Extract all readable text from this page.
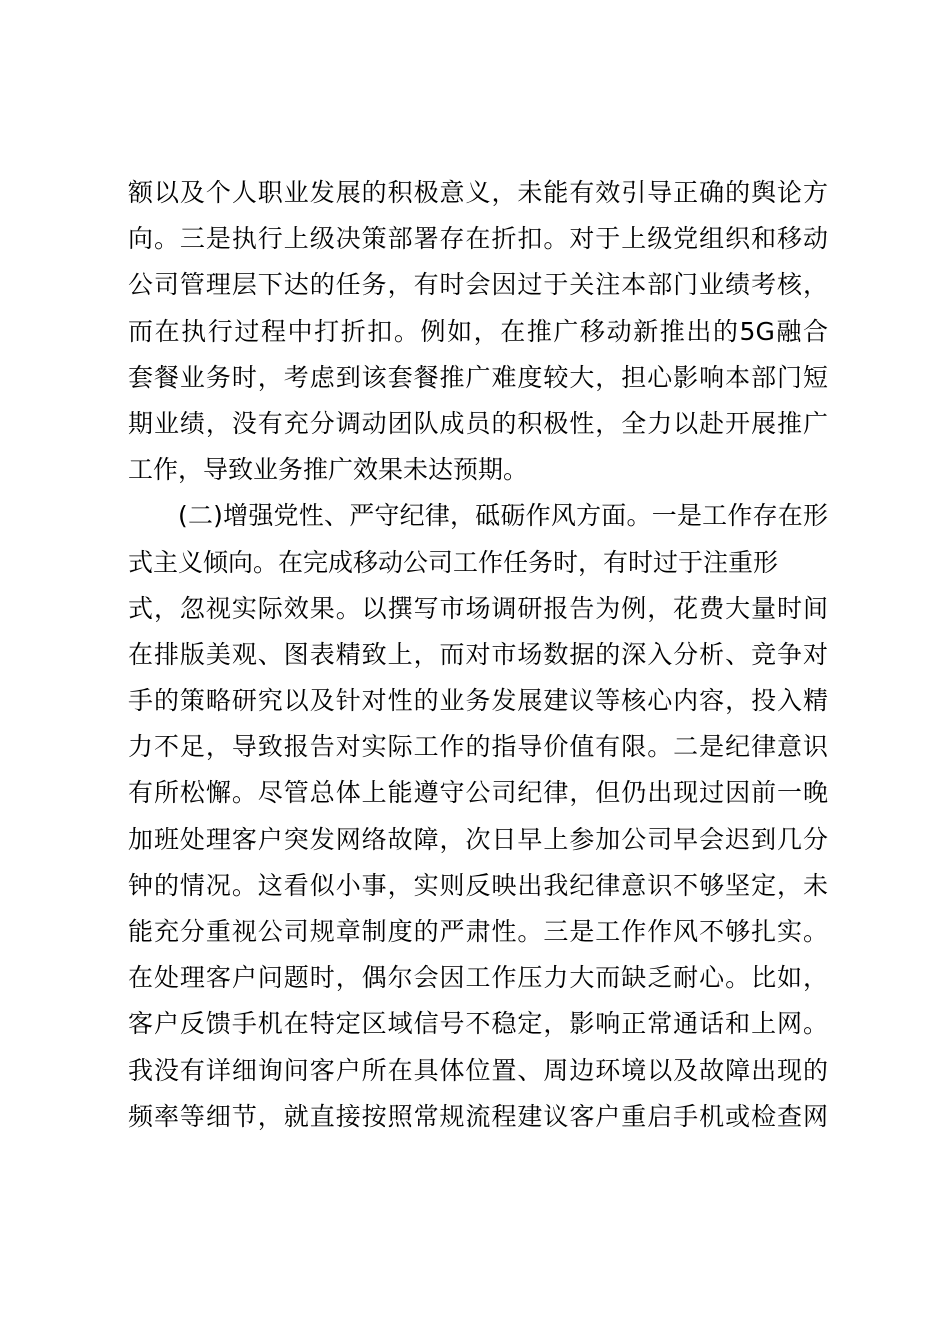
额以及个人职业发展的积极意义，未能有效引导正确的舆论方
向。三是执行上级决策部署存在折扣。对于上级党组织和移动
公司管理层下达的任务，有时会因过于关注本部门业绩考核，
而在执行过程中打折扣。例如，在推广移动新推出的5G融合
套餐业务时，考虑到该套餐推广难度较大，担心影响本部门短
期业绩，没有充分调动团队成员的积极性，全力以赴开展推广
工作，导致业务推广效果未达预期。
(二)增强党性、严守纪律，砥砺作风方面。一是工作存在形
式主义倾向。在完成移动公司工作任务时，有时过于注重形
式，忽视实际效果。以撰写市场调研报告为例，花费大量时间
在排版美观、图表精致上，而对市场数据的深入分析、竞争对
手的策略研究以及针对性的业务发展建议等核心内容，投入精
力不足，导致报告对实际工作的指导价值有限。二是纪律意识
有所松懈。尽管总体上能遵守公司纪律，但仍出现过因前一晚
加班处理客户突发网络故障，次日早上参加公司早会迟到几分
钟的情况。这看似小事，实则反映出我纪律意识不够坚定，未
能充分重视公司规章制度的严肃性。三是工作作风不够扎实。
在处理客户问题时，偶尔会因工作压力大而缺乏耐心。比如，
客户反馈手机在特定区域信号不稳定，影响正常通话和上网。
我没有详细询问客户所在具体位置、周边环境以及故障出现的
频率等细节，就直接按照常规流程建议客户重启手机或检查网
